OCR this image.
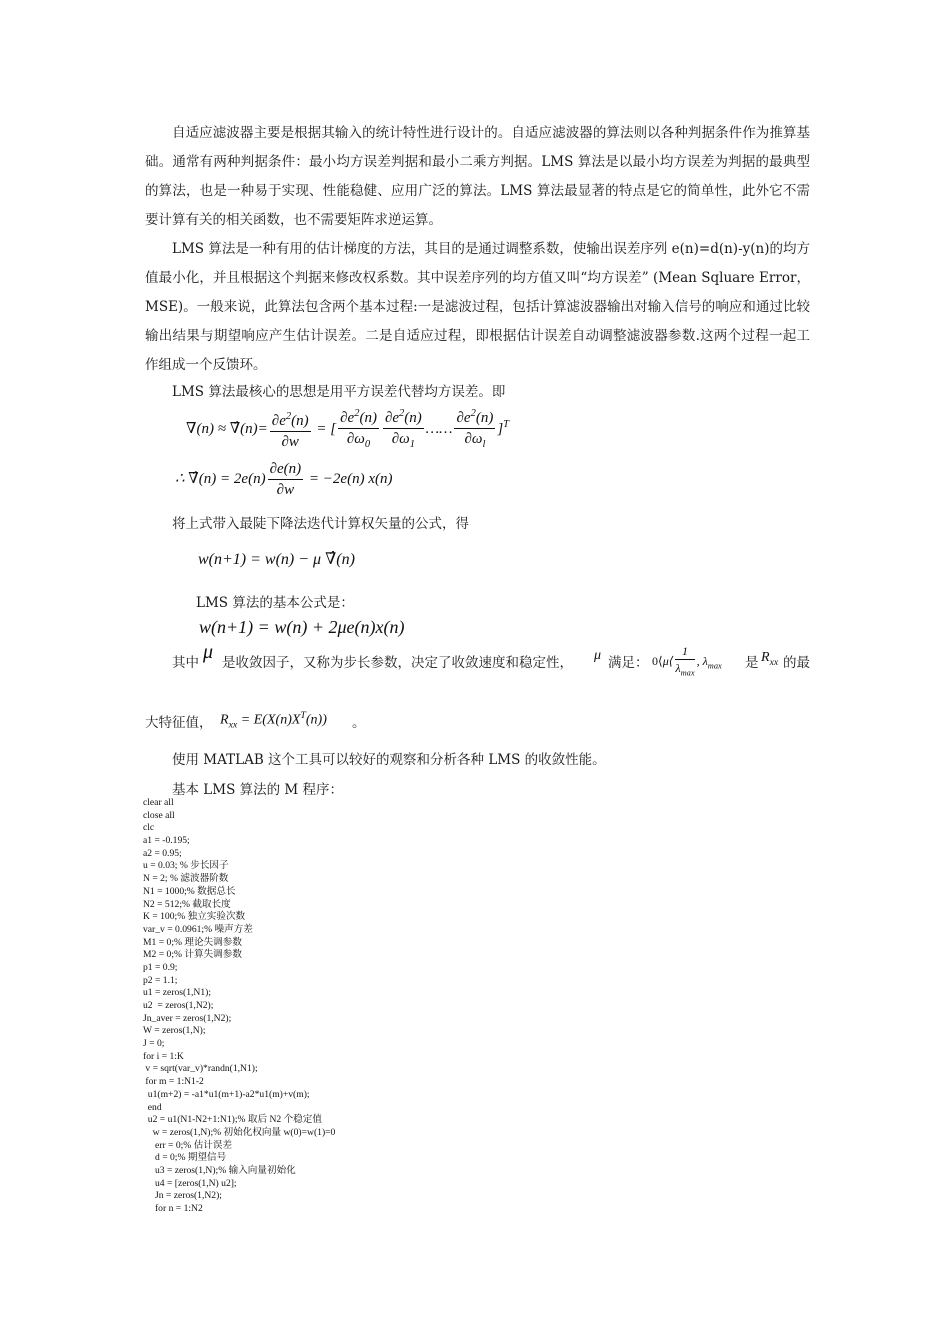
自适应滤波器主要是根据其输入的统计特性进行设计的。自适应滤波器的算法则以各种判据条件作为推算基础。通常有两种判据条件：最小均方误差判据和最小二乘方判据。LMS 算法是以最小均方误差为判据的最典型的算法，也是一种易于实现、性能稳健、应用广泛的算法。LMS 算法最显著的特点是它的简单性，此外它不需要计算有关的相关函数，也不需要矩阵求逆运算。

LMS 算法是一种有用的估计梯度的方法，其目的是通过调整系数，使输出误差序列 e(n)=d(n)-y(n)的均方值最小化，并且根据这个判据来修改权系数。其中误差序列的均方值又叫“均方误差” (Mean Sqluare Error，MSE)。一般来说，此算法包含两个基本过程:一是滤波过程，包括计算滤波器输出对输入信号的响应和通过比较输出结果与期望响应产生估计误差。二是自适应过程，即根据估计误差自动调整滤波器参数.这两个过程一起工作组成一个反馈环。

LMS 算法最核心的思想是用平方误差代替均方误差。即

∇(n) ≈ ∇̂(n)= $\frac{\partial e^2(n)}{\partial w}$ = [ $\frac{\partial e^2(n)}{\partial\omega_0} \frac{\partial e^2(n)}{\partial\omega_1}$ …… $\frac{\partial e^2(n)}{\partial\omega_l} ]^T$
∴ ∇̂(n) = $2e(n) \frac{\partial e(n)}{\partial w} = -2e(n)$ x(n)
将上式带入最陡下降法迭代计算权矢量的公式，得
w(n+1) = w(n) − μ ∇̂(n)
LMS 算法的基本公式是：
w(n+1) = w(n) + 2μe(n)x(n)
其中 μ 是收敛因子，又称为步长参数，决定了收敛速度和稳定性， μ 满足： 0⟨μ⟨ $\frac{1}{\lambda_{max}}$ , $\lambda_{max}$ 是 $R_{xx}$ 的最
大特征值， $R_{xx} = E(X(n)X^T(n))$ 。
使用 MATLAB 这个工具可以较好的观察和分析各种 LMS 的收敛性能。
基本 LMS 算法的 M 程序：
clear all
close all
clc
a1 = -0.195;
a2 = 0.95;
u = 0.03; % 步长因子
N = 2; % 滤波器阶数
N1 = 1000;% 数据总长
N2 = 512;% 截取长度
K = 100;% 独立实验次数
var_v = 0.0961;% 噪声方差
M1 = 0;% 理论失调参数
M2 = 0;% 计算失调参数
p1 = 0.9;
p2 = 1.1;
u1 = zeros(1,N1);
u2  = zeros(1,N2);
Jn_aver = zeros(1,N2);
W = zeros(1,N);
J = 0;
for i = 1:K
v = sqrt(var_v)*randn(1,N1);
for m = 1:N1-2
u1(m+2) = -a1*u1(m+1)-a2*u1(m)+v(m);
end
u2 = u1(N1-N2+1:N1);% 取后 N2 个稳定值
w = zeros(1,N);% 初始化权向量 w(0)=w(1)=0
err = 0;% 估计误差
d = 0;% 期望信号
u3 = zeros(1,N);% 输入向量初始化
u4 = [zeros(1,N) u2];
Jn = zeros(1,N2);
for n = 1:N2
